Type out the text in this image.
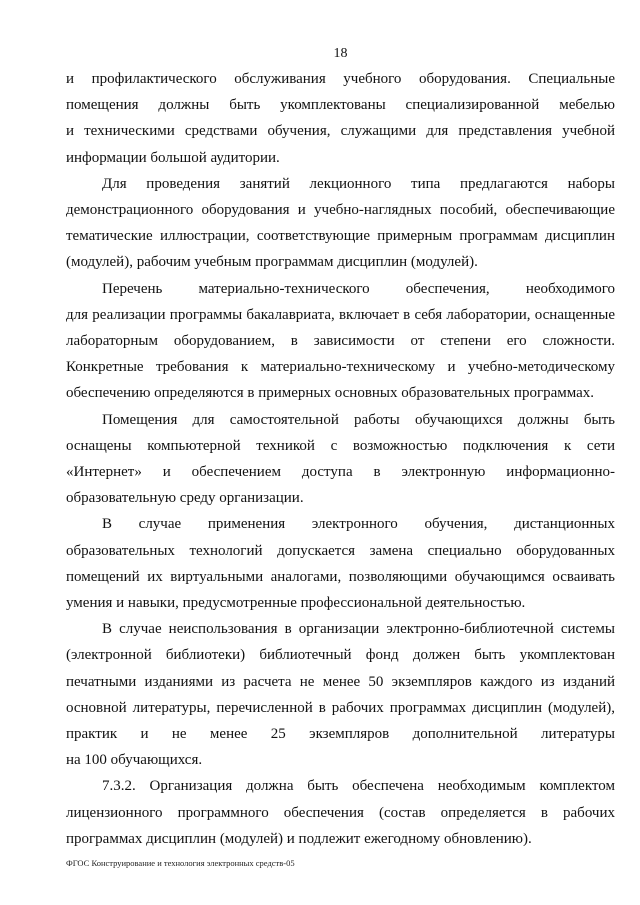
18
и профилактического обслуживания учебного оборудования. Специальные
помещения должны быть укомплектованы специализированной мебелью
и техническими средствами обучения, служащими для представления учебной
информации большой аудитории.
Для проведения занятий лекционного типа предлагаются наборы
демонстрационного оборудования и учебно-наглядных пособий, обеспечивающие
тематические иллюстрации, соответствующие примерным программам дисциплин
(модулей), рабочим учебным программам дисциплин (модулей).
Перечень материально-технического обеспечения, необходимого
для реализации программы бакалавриата, включает в себя лаборатории, оснащенные
лабораторным оборудованием, в зависимости от степени его сложности.
Конкретные требования к материально-техническому и учебно-методическому
обеспечению определяются в примерных основных образовательных программах.
Помещения для самостоятельной работы обучающихся должны быть
оснащены компьютерной техникой с возможностью подключения к сети
«Интернет» и обеспечением доступа в электронную информационно-
образовательную среду организации.
В случае применения электронного обучения, дистанционных
образовательных технологий допускается замена специально оборудованных
помещений их виртуальными аналогами, позволяющими обучающимся осваивать
умения и навыки, предусмотренные профессиональной деятельностью.
В случае неиспользования в организации электронно-библиотечной системы
(электронной библиотеки) библиотечный фонд должен быть укомплектован
печатными изданиями из расчета не менее 50 экземпляров каждого из изданий
основной литературы, перечисленной в рабочих программах дисциплин (модулей),
практик и не менее 25 экземпляров дополнительной литературы
на 100 обучающихся.
7.3.2. Организация должна быть обеспечена необходимым комплектом
лицензионного программного обеспечения (состав определяется в рабочих
программах дисциплин (модулей) и подлежит ежегодному обновлению).
ФГОС Конструирование и технология электронных средств-05
